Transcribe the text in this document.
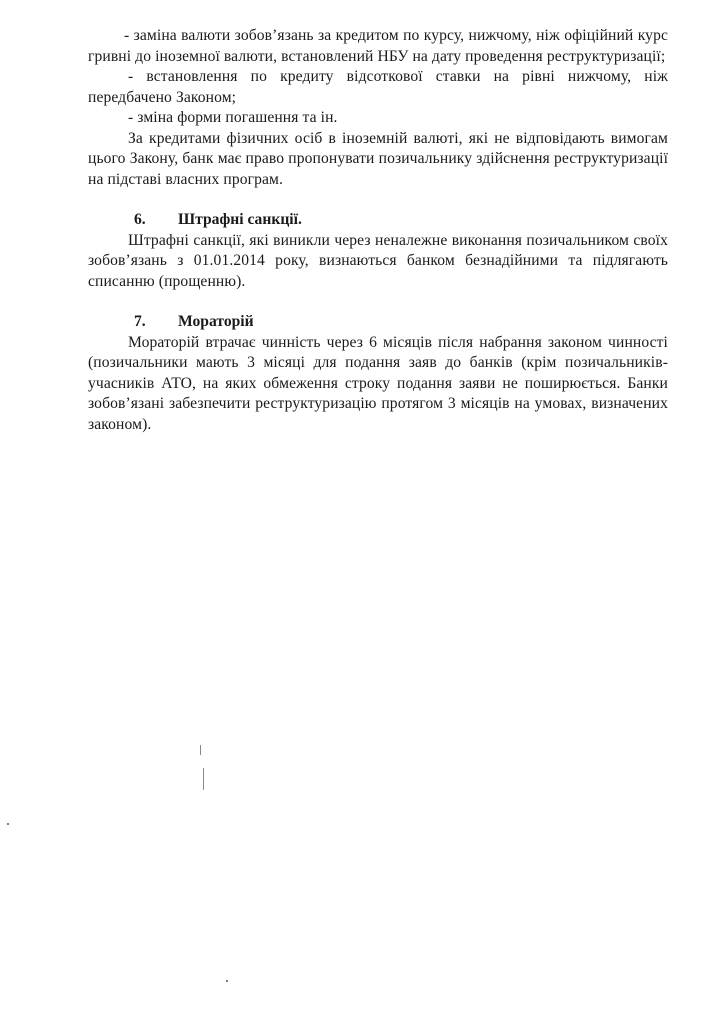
- заміна валюти зобов’язань за кредитом по курсу, нижчому, ніж офіційний курс гривні до іноземної валюти, встановлений НБУ на дату проведення реструктуризації;

- встановлення по кредиту відсоткової ставки на рівні нижчому, ніж передбачено Законом;

- зміна форми погашення та ін.

За кредитами фізичних осіб в іноземній валюті, які не відповідають вимогам цього Закону, банк має право пропонувати позичальнику здійснення реструктуризації на підставі власних програм.

6.	Штрафні санкції.

Штрафні санкції, які виникли через неналежне виконання позичальником своїх зобов’язань з 01.01.2014 року, визнаються банком безнадійними та підлягають списанню (прощенню).

7.	Мораторій

Мораторій втрачає чинність через 6 місяців після набрання законом чинності (позичальники мають 3 місяці для подання заяв до банків (крім позичальників-учасників АТО, на яких обмеження строку подання заяви не поширюється. Банки зобов’язані забезпечити реструктуризацію протягом 3 місяців на умовах, визначених законом).
